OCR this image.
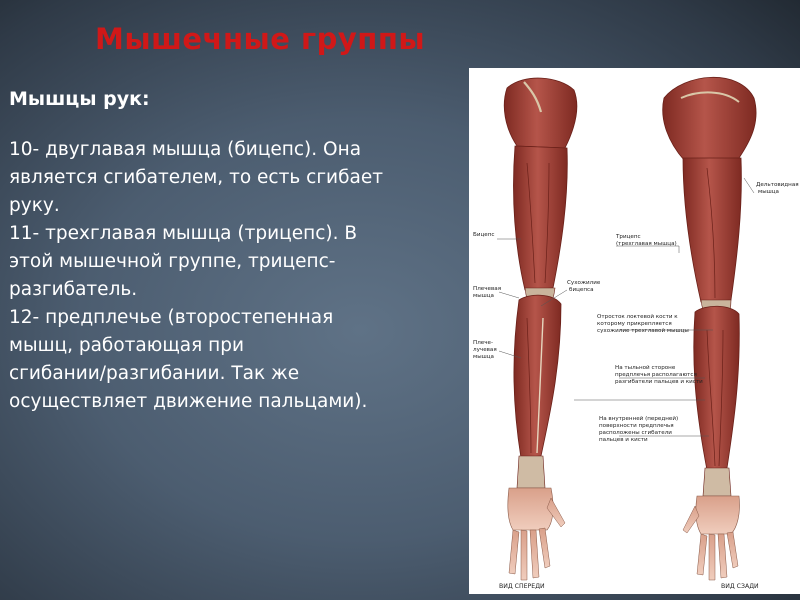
Мышечные группы
Мышцы рук:

10- двуглавая мышца (бицепс). Она
является сгибателем, то есть сгибает
руку.

11- трехглавая мышца (трицепс). В
этой мышечной группе, трицепс-
разгибатель.

12- предплечье (второстепенная
мышц, работающая при
сгибании/разгибании. Так же
осуществляет движение пальцами).

Бицепс
Плечевая
мышца
Плече-
лучевая
мышца
Сухожилие
бицепса
Трицепс
(трехглавая мышца)
Дельтовидная
мышца
Отросток локтевой кости к
которому прикрепляется
сухожилие трехглавой мышцы
На тыльной стороне
предплечья располагаются
разгибатели пальцев и кисти
На внутренней (передней)
поверхности предплечья
расположены сгибатели
пальцев и кисти
ВИД СПЕРЕДИ	ВИД СЗАДИ
